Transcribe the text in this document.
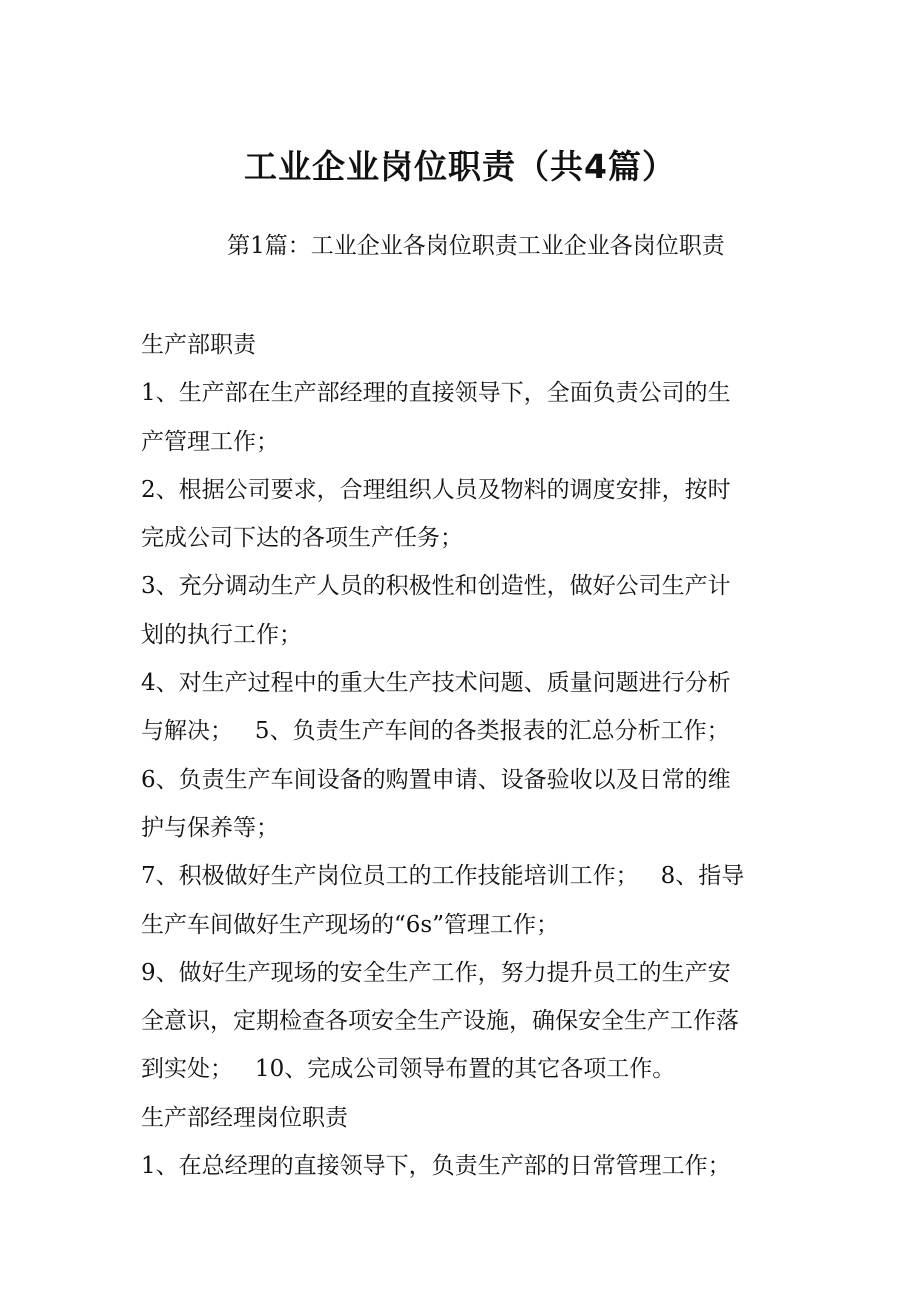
工业企业岗位职责（共4篇）
第1篇：工业企业各岗位职责工业企业各岗位职责
生产部职责
1、生产部在生产部经理的直接领导下，全面负责公司的生
产管理工作；
2、根据公司要求，合理组织人员及物料的调度安排，按时
完成公司下达的各项生产任务；
3、充分调动生产人员的积极性和创造性，做好公司生产计
划的执行工作；
4、对生产过程中的重大生产技术问题、质量问题进行分析
与解决；   5、负责生产车间的各类报表的汇总分析工作；
6、负责生产车间设备的购置申请、设备验收以及日常的维
护与保养等；
7、积极做好生产岗位员工的工作技能培训工作；   8、指导
生产车间做好生产现场的“6s”管理工作；
9、做好生产现场的安全生产工作，努力提升员工的生产安
全意识，定期检查各项安全生产设施，确保安全生产工作落
到实处；   10、完成公司领导布置的其它各项工作。
生产部经理岗位职责
1、在总经理的直接领导下，负责生产部的日常管理工作；
